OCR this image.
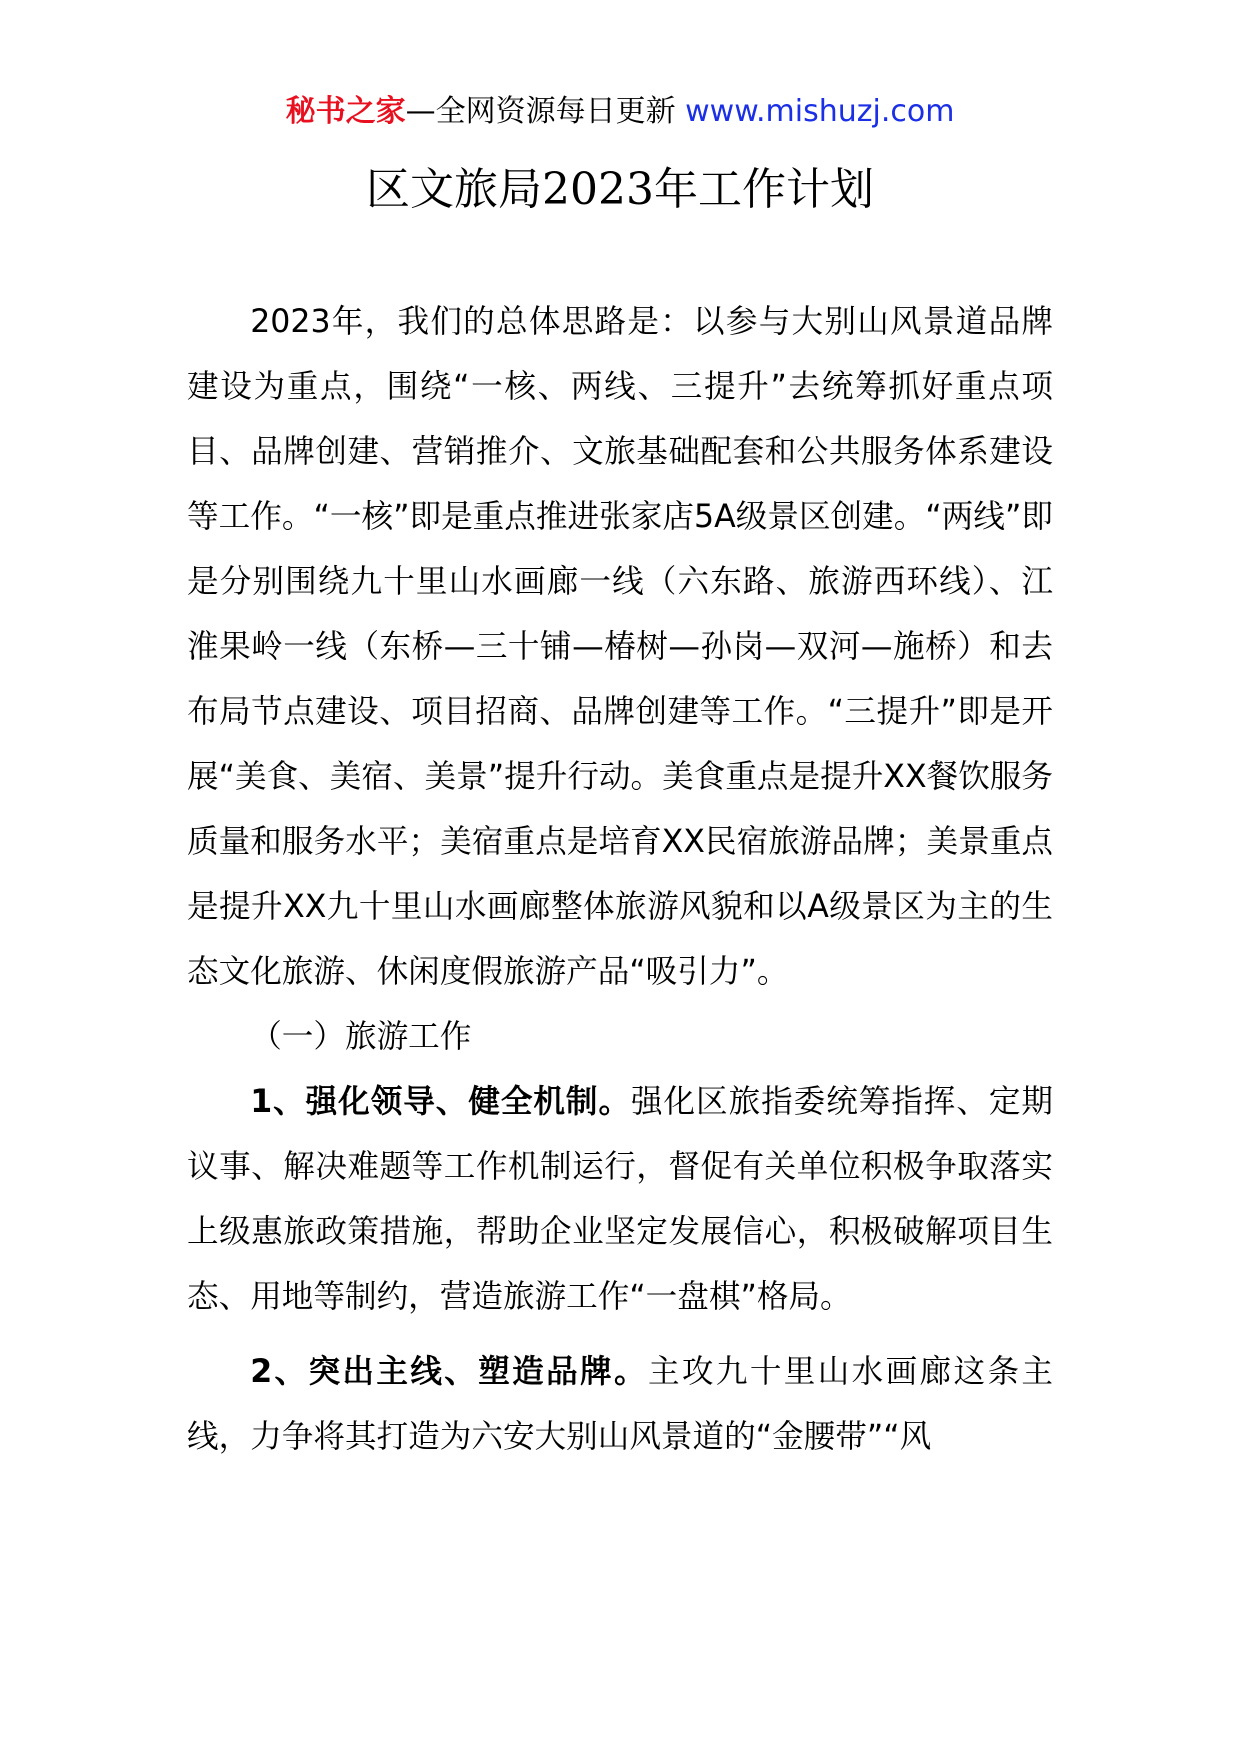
秘书之家—全网资源每日更新 www.mishuzj.com
区文旅局2023年工作计划

2023年，我们的总体思路是：以参与大别山风景道品牌建设为重点，围绕“一核、两线、三提升”去统筹抓好重点项目、品牌创建、营销推介、文旅基础配套和公共服务体系建设等工作。“一核”即是重点推进张家店5A级景区创建。“两线”即是分别围绕九十里山水画廊一线（六东路、旅游西环线）、江淮果岭一线（东桥—三十铺—椿树—孙岗—双河—施桥）和去布局节点建设、项目招商、品牌创建等工作。“三提升”即是开展“美食、美宿、美景”提升行动。美食重点是提升XX餐饮服务质量和服务水平；美宿重点是培育XX民宿旅游品牌；美景重点是提升XX九十里山水画廊整体旅游风貌和以A级景区为主的生态文化旅游、休闲度假旅游产品“吸引力”。

（一）旅游工作

1、强化领导、健全机制。强化区旅指委统筹指挥、定期议事、解决难题等工作机制运行，督促有关单位积极争取落实上级惠旅政策措施，帮助企业坚定发展信心，积极破解项目生态、用地等制约，营造旅游工作“一盘棋”格局。

2、突出主线、塑造品牌。主攻九十里山水画廊这条主线，力争将其打造为六安大别山风景道的“金腰带”“风
